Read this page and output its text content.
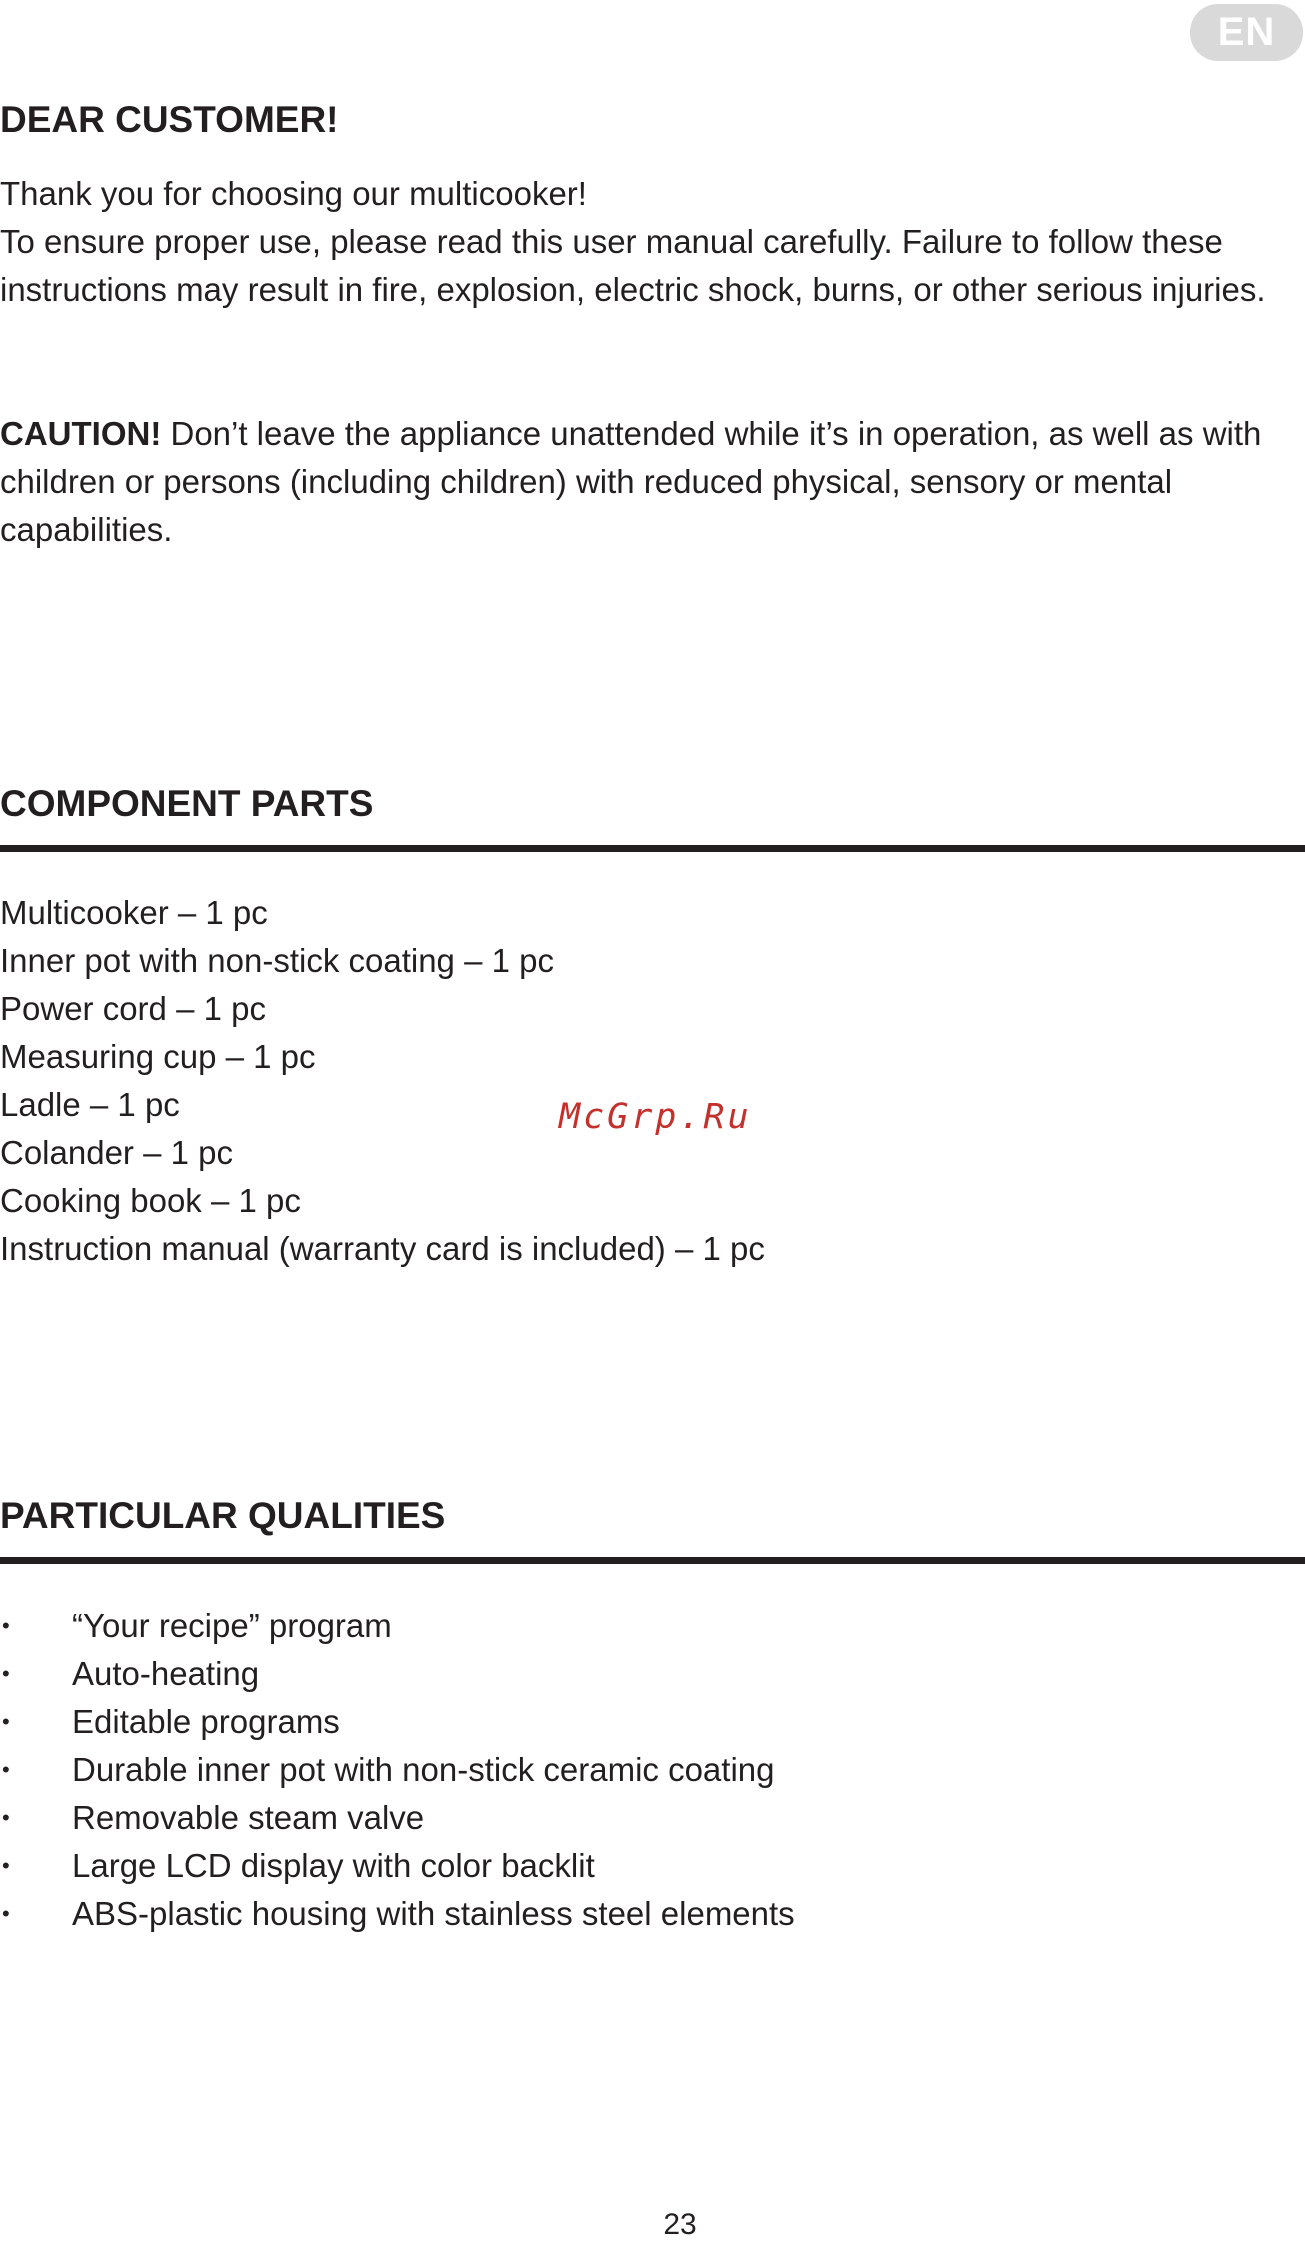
EN
DEAR CUSTOMER!

Thank you for choosing our multicooker!
To ensure proper use, please read this user manual carefully. Failure to follow these instructions may result in fire, explosion, electric shock, burns, or other serious injuries.

CAUTION! Don’t leave the appliance unattended while it’s in operation, as well as with children or persons (including children) with reduced physical, sensory or mental capabilities.

COMPONENT PARTS
Multicooker – 1 pc
Inner pot with non-stick coating – 1 pc
Power cord – 1 pc
Measuring cup – 1 pc
Ladle – 1 pc
Colander – 1 pc
Cooking book – 1 pc
Instruction manual (warranty card is included) – 1 pc
McGrp.Ru
PARTICULAR QUALITIES
• “Your recipe” program
• Auto-heating
• Editable programs
• Durable inner pot with non-stick ceramic coating
• Removable steam valve
• Large LCD display with color backlit
• ABS-plastic housing with stainless steel elements
23
